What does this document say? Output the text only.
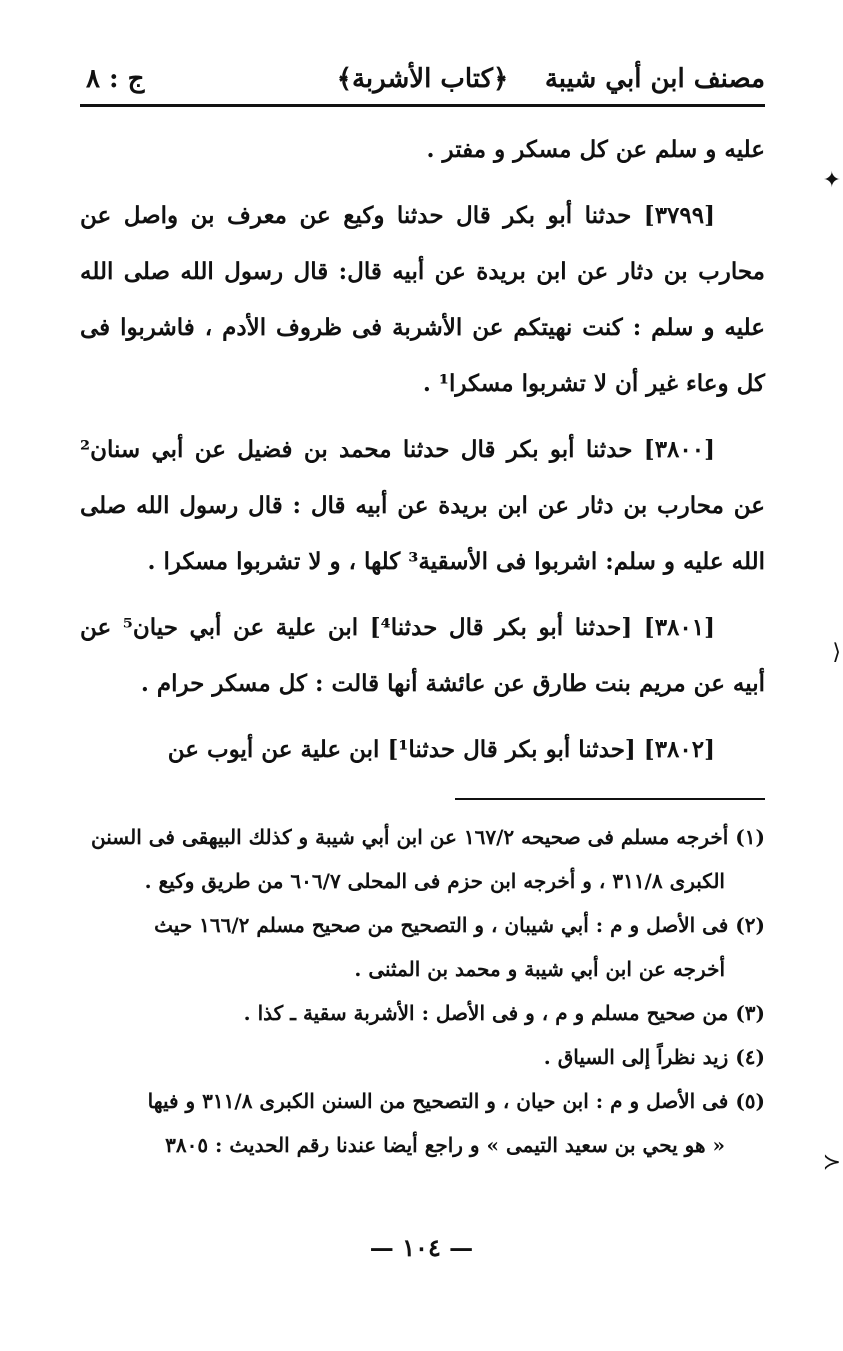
مصنف ابن أبي شيبة
﴿كتاب الأشربة﴾
ج : ٨

عليه و سلم عن كل مسكر و مفتر .

[٣٧٩٩] حدثنا أبو بكر قال حدثنا وكيع عن معرف بن واصل عن محارب بن دثار عن ابن بريدة عن أبيه قال: قال رسول الله صلى الله عليه و سلم : كنت نهيتكم عن الأشربة فى ظروف الأدم ، فاشربوا فى كل وعاء غير أن لا تشربوا مسكرا¹ .

[٣٨٠٠] حدثنا أبو بكر قال حدثنا محمد بن فضيل عن أبي سنان² عن محارب بن دثار عن ابن بريدة عن أبيه قال : قال رسول الله صلى الله عليه و سلم: اشربوا فى الأسقية³ كلها ، و لا تشربوا مسكرا .

[٣٨٠١] [حدثنا أبو بكر قال حدثنا⁴] ابن علية عن أبي حيان⁵ عن أبيه عن مريم بنت طارق عن عائشة أنها قالت : كل مسكر حرام .

[٣٨٠٢] [حدثنا أبو بكر قال حدثنا¹] ابن علية عن أيوب عن

(١) أخرجه مسلم فى صحيحه ١٦٧/٢ عن ابن أبي شيبة و كذلك البيهقى فى السنن

الكبرى ٣١١/٨ ، و أخرجه ابن حزم فى المحلى ٦٠٦/٧ من طريق وكيع .

(٢) فى الأصل و م : أبي شيبان ، و التصحيح من صحيح مسلم ١٦٦/٢ حيث

أخرجه عن ابن أبي شيبة و محمد بن المثنى .

(٣) من صحيح مسلم و م ، و فى الأصل : الأشربة سقية ـ كذا .

(٤) زيد نظراً إلى السياق .

(٥) فى الأصل و م : ابن حيان ، و التصحيح من السنن الكبرى ٣١١/٨ و فيها

« هو يحي بن سعيد التيمى » و راجع أيضا عندنا رقم الحديث : ٣٨٠٥

— ١٠٤ —
✦
⟩
≻
